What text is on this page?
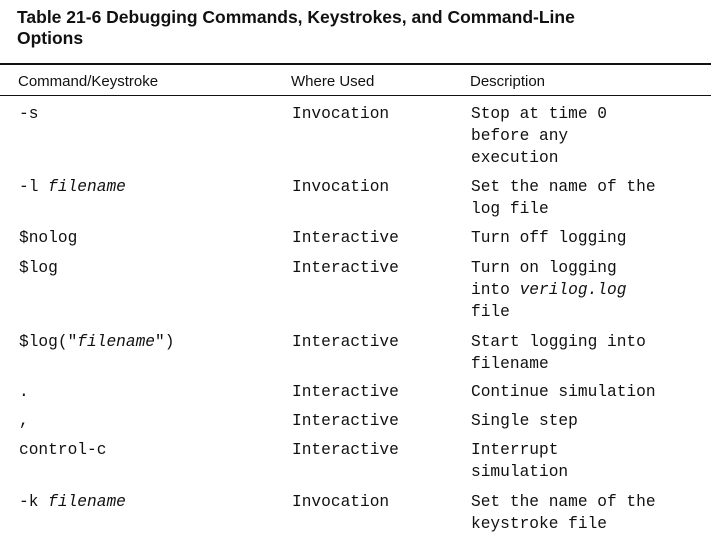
Table 21-6 Debugging Commands, Keystrokes, and Command-Line
Options
Command/Keystroke	Where Used	Description
-s	Invocation	Stop at time 0
before any
execution
-l filename	Invocation	Set the name of the
log file
$nolog	Interactive	Turn off logging
$log	Interactive	Turn on logging
into verilog.log
file
$log("filename")	Interactive	Start logging into
filename
.	Interactive	Continue simulation
,	Interactive	Single step
control-c	Interactive	Interrupt
simulation
-k filename	Invocation	Set the name of the
keystroke file
